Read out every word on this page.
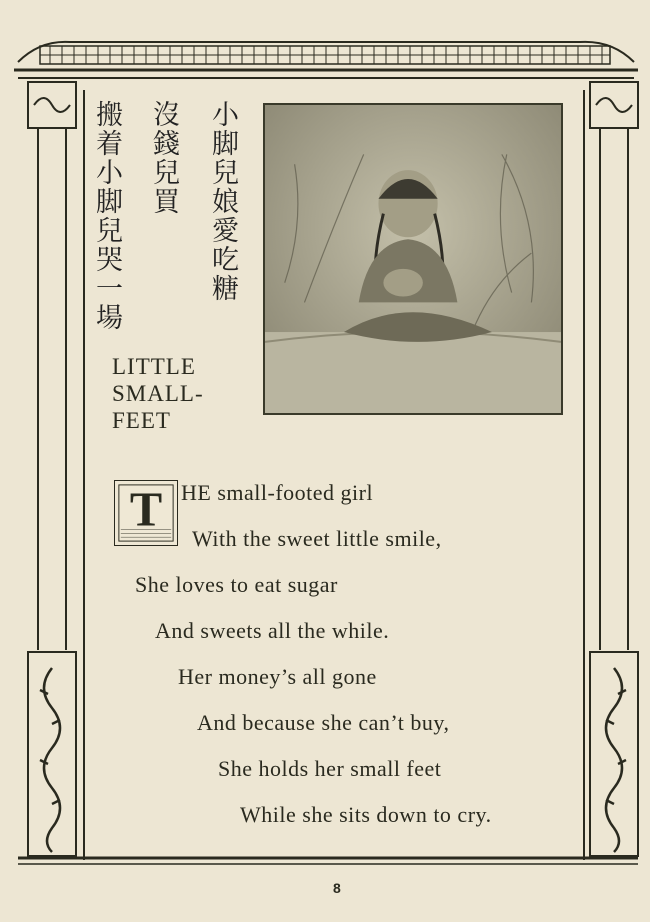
小脚兒娘愛吃糖
沒錢兒買
搬着小脚兒哭一場
LITTLE
SMALL-
FEET
T HE small-footed girl
With the sweet little smile,
She loves to eat sugar
And sweets all the while.
Her money’s all gone
And because she can’t buy,
She holds her small feet
While she sits down to cry.
8
